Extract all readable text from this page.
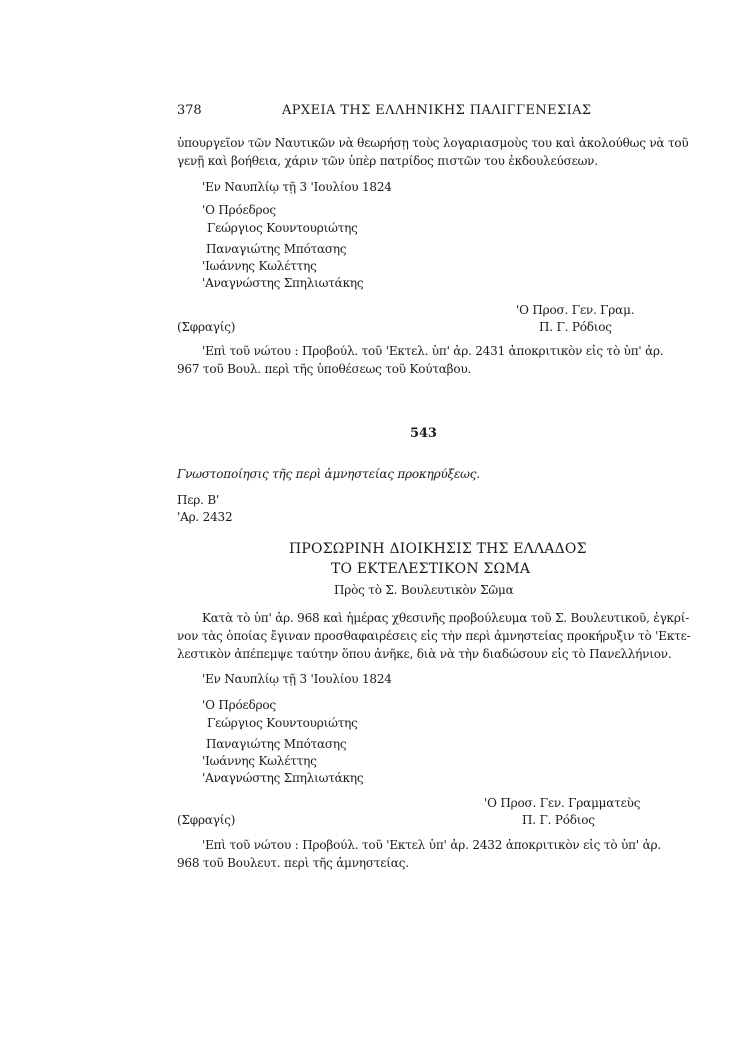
378	ΑΡΧΕΙΑ ΤΗΣ ΕΛΛΗΝΙΚΗΣ ΠΑΛΙΓΓΕΝΕΣΙΑΣ
ὑπουργεῖον τῶν Ναυτικῶν νὰ θεωρήσῃ τοὺς λογαριασμοὺς του καὶ ἀκολούθως νὰ τοῦ
γενῇ καὶ βοήθεια, χάριν τῶν ὑπὲρ πατρίδος πιστῶν του ἐκδουλεύσεων.
'Εν Ναυπλίῳ τῇ 3 'Ιουλίου 1824
'Ο Πρόεδρος
Γεώργιος Κουντουριώτης
Παναγιώτης Μπότασης
'Ιωάννης Κωλέττης
'Αναγνώστης Σπηλιωτάκης
'Ο Προσ. Γεν. Γραμ.
(Σφραγίς)	Π. Γ. Ρόδιος
'Επὶ τοῦ νώτου : Προβούλ. τοῦ 'Εκτελ. ὑπ' ἀρ. 2431 ἀποκριτικὸν εἰς τὸ ὑπ' ἀρ.
967 τοῦ Βουλ. περὶ τῆς ὑποθέσεως τοῦ Κούταβου.
543
Γνωστοποίησις τῆς περὶ ἀμνηστείας προκηρύξεως.
Περ. Β'
'Αρ. 2432
ΠΡΟΣΩΡΙΝΗ ΔΙΟΙΚΗΣΙΣ ΤΗΣ ΕΛΛΑΔΟΣ
ΤΟ ΕΚΤΕΛΕΣΤΙΚΟΝ ΣΩΜΑ
Πρὸς τὸ Σ. Βουλευτικὸν Σῶμα
Κατὰ τὸ ὑπ' ἀρ. 968 καὶ ἡμέρας χθεσινῆς προβούλευμα τοῦ Σ. Βουλευτικοῦ, ἐγκρί-
νον τὰς ὁποίας ἔγιναν προσθαφαιρέσεις εἰς τὴν περὶ ἀμνηστείας προκήρυξιν τὸ 'Εκτε-
λεστικὸν ἀπέπεμψε ταύτην ὅπου ἀνῆκε, διὰ νὰ τὴν διαδώσουν εἰς τὸ Πανελλήνιον.
'Εν Ναυπλίῳ τῇ 3 'Ιουλίου 1824
'Ο Πρόεδρος
Γεώργιος Κουντουριώτης
Παναγιώτης Μπότασης
'Ιωάννης Κωλέττης
'Αναγνώστης Σπηλιωτάκης
'Ο Προσ. Γεν. Γραμματεὺς
(Σφραγίς)	Π. Γ. Ρόδιος
'Επὶ τοῦ νώτου : Προβούλ. τοῦ 'Εκτελ ὑπ' ἀρ. 2432 ἀποκριτικὸν εἰς τὸ ὑπ' ἀρ.
968 τοῦ Βουλευτ. περὶ τῆς ἀμνηστείας.
